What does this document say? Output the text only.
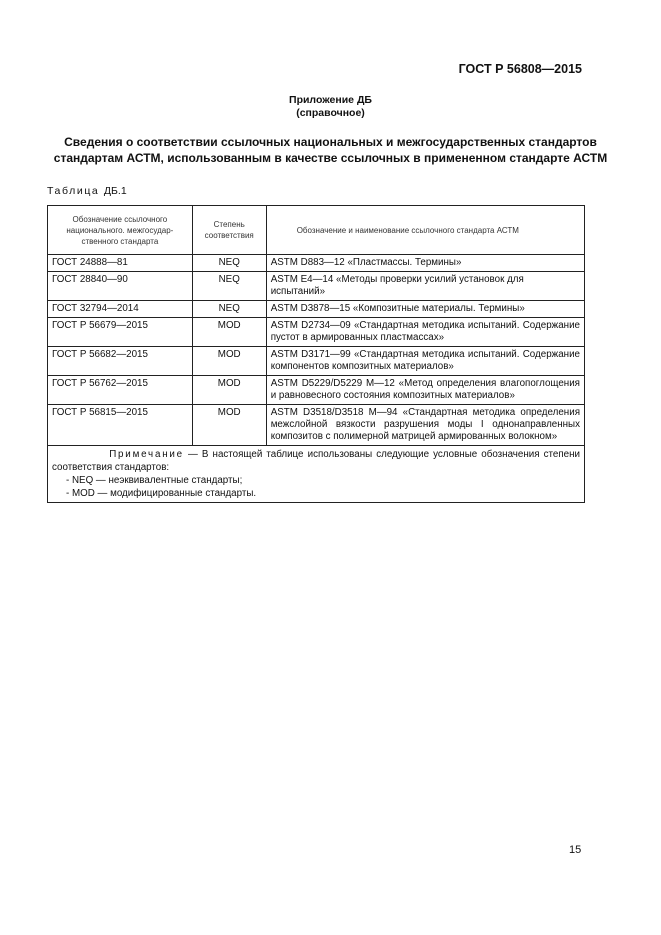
ГОСТ Р 56808—2015
Приложение ДБ
(справочное)
Сведения о соответствии ссылочных национальных и межгосударственных стандартов
стандартам АСТМ, использованным в качестве ссылочных в примененном стандарте АСТМ
Таблица ДБ.1
Обозначение ссылочного национального. межгосудар-ственного стандарта	Степень соответствия	Обозначение и наименование ссылочного стандарта АСТМ
ГОСТ 24888—81	NEQ	ASTM D883—12 «Пластмассы. Термины»
ГОСТ 28840—90	NEQ	ASTM E4—14 «Методы проверки усилий установок для испытаний»
ГОСТ 32794—2014	NEQ	ASTM D3878—15 «Композитные материалы. Термины»
ГОСТ Р 56679—2015	MOD	ASTM D2734—09 «Стандартная методика испытаний. Содержание пустот в армированных пластмассах»
ГОСТ Р 56682—2015	MOD	ASTM D3171—99 «Стандартная методика испытаний. Содержание компонентов композитных материалов»
ГОСТ Р 56762—2015	MOD	ASTM D5229/D5229 M—12 «Метод определения влагопоглощения и равновесного состояния композитных материалов»
ГОСТ Р 56815—2015	MOD	ASTM D3518/D3518 M—94 «Стандартная методика определения межслойной вязкости разрушения моды I однонаправленных композитов с полимерной матрицей армированных волокном»

Примечание — В настоящей таблице использованы следующие условные обозначения степени соответствия стандартов:
- NEQ — неэквивалентные стандарты;
- MOD — модифицированные стандарты.		
15
